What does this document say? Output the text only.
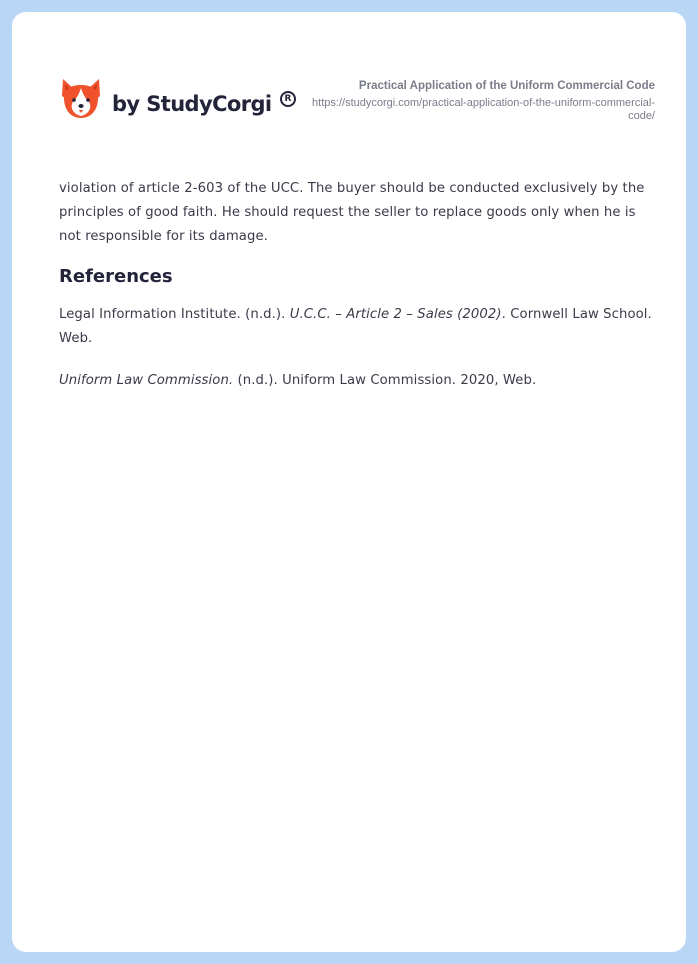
by StudyCorgi	R
Practical Application of the Uniform Commercial Code
https://studycorgi.com/practical-application-of-the-uniform-commercial-code/

violation of article 2-603 of the UCC. The buyer should be conducted exclusively by the principles of good faith. He should request the seller to replace goods only when he is not responsible for its damage.

References

Legal Information Institute. (n.d.). U.C.C. – Article 2 – Sales (2002). Cornwell Law School. Web.

Uniform Law Commission. (n.d.). Uniform Law Commission. 2020, Web.
